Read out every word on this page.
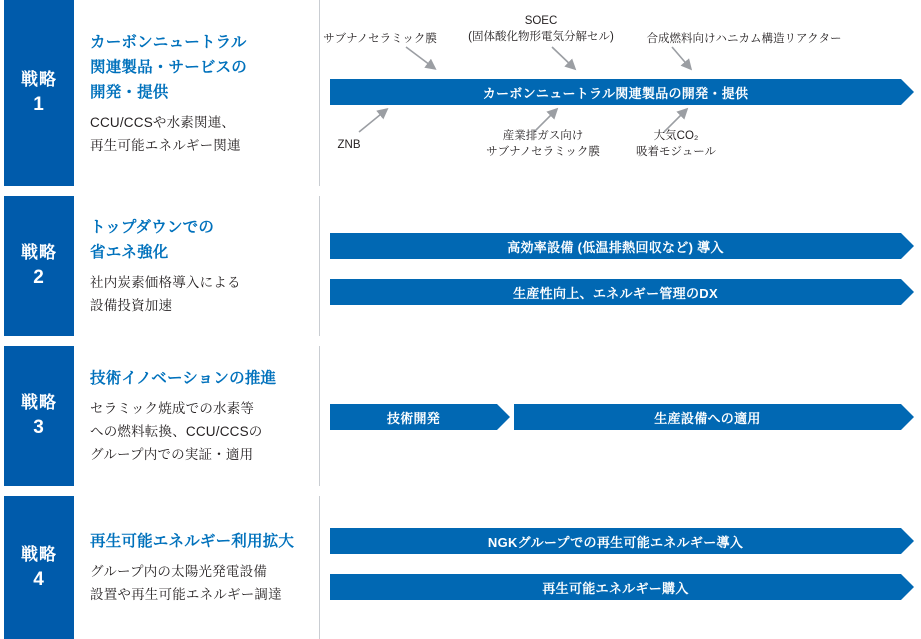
戦略
1
カーボンニュートラル
関連製品・サービスの
開発・提供
CCU/CCSや水素関連、
再生可能エネルギー関連
サブナノセラミック膜
SOEC
(固体酸化物形電気分解セル)	合成燃料向けハニカム構造リアクター
カーボンニュートラル関連製品の開発・提供
ZNB
産業排ガス向け
サブナノセラミック膜
大気CO₂
吸着モジュール
戦略
2
トップダウンでの
省エネ強化
社内炭素価格導入による
設備投資加速
高効率設備 (低温排熱回収など) 導入
生産性向上、エネルギー管理のDX
戦略
3
技術イノベーションの推進
セラミック焼成での水素等
への燃料転換、CCU/CCSの
グループ内での実証・適用
技術開発	生産設備への適用
戦略
4
再生可能エネルギー利用拡大
グループ内の太陽光発電設備
設置や再生可能エネルギー調達
NGKグループでの再生可能エネルギー導入
再生可能エネルギー購入
